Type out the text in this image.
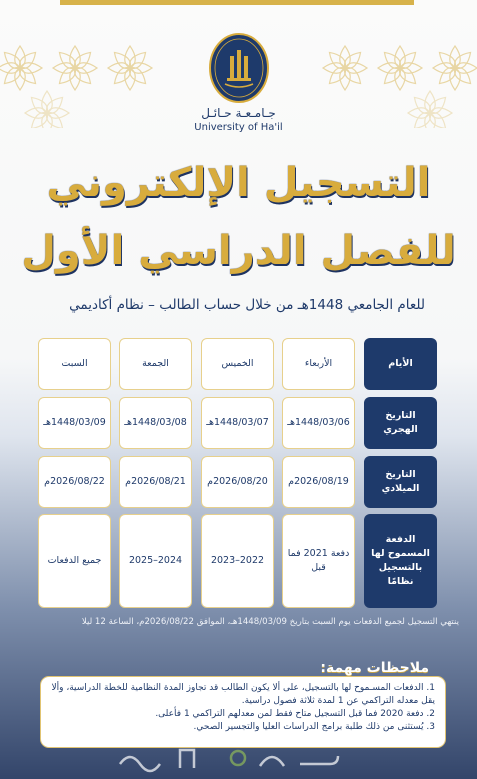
جـامـعـة حـائـل
University of Ha'il
التسجيل الإلكتروني
للفصل الدراسي الأول
للعام الجامعي 1448هـ من خلال حساب الطالب – نظام أكاديمي
الأيام
التاريخ الهجري
التاريخ الميلادي
الدفعة المسموح لها بالتسجيل نظامًا
الأربعاء
الخميس
الجمعة
السبت
1448/03/06هـ
1448/03/07هـ
1448/03/08هـ
1448/03/09هـ
2026/08/19م
2026/08/20م
2026/08/21م
2026/08/22م
دفعة 2021 فما قبل
2022–2023
2024–2025
جميع الدفعات
ينتهي التسجيل لجميع الدفعات يوم السبت بتاريخ 1448/03/09هـ، الموافق 2026/08/22م، الساعة 12 ليلًا
ملاحظات مهمة:

1. الدفعات المسـموح لها بالتسجيل، على ألا يكون الطالب قد تجاوز المدة النظامية للخطة الدراسية، وألا يقل معدله التراكمي عن 1 لمدة ثلاثة فصول دراسية.

2. دفعة 2020 فما قبل التسجيل متاح فقط لمن معدلهم التراكمي 1 فأعلى.

3. يُستثنى من ذلك طلبة برامج الدراسات العليا والتجسير الصحي.
